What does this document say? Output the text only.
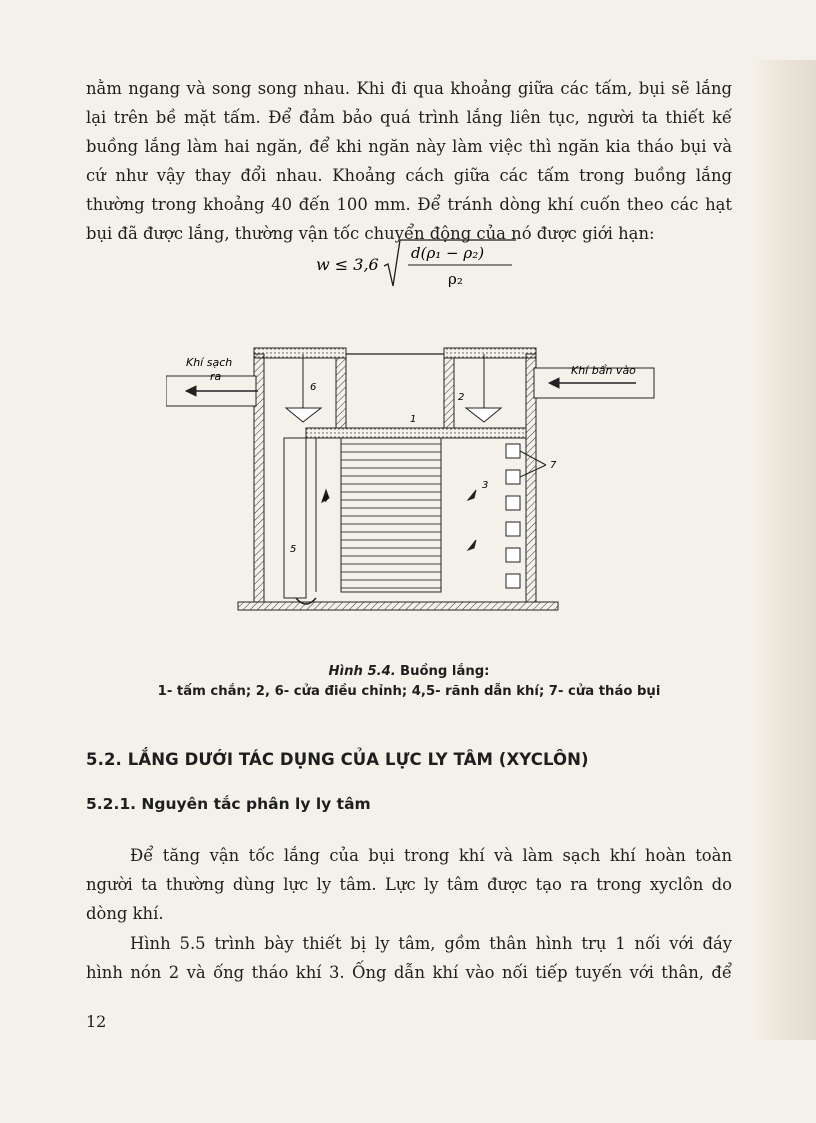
nằm ngang và song song nhau. Khi đi qua khoảng giữa các tấm, bụi sẽ lắng
lại trên bề mặt tấm. Để đảm bảo quá trình lắng liên tục, người ta thiết kế
buồng lắng làm hai ngăn, để khi ngăn này làm việc thì ngăn kia tháo bụi và
cứ như vậy thay đổi nhau. Khoảng cách giữa các tấm trong buồng lắng
thường trong khoảng 40 đến 100 mm. Để tránh dòng khí cuốn theo các hạt
bụi đã được lắng, thường vận tốc chuyển động của nó được giới hạn:
w ≤ 3,6
d(ρ₁ − ρ₂)
ρ₂
Khí sạch
ra	Khí bẩn vào
1
2
3
4
5
6
7
Hình 5.4. Buồng lắng:
1- tấm chắn; 2, 6- cửa điều chỉnh; 4,5- rãnh dẫn khí; 7- cửa tháo bụi
5.2. LẮNG DƯỚI TÁC DỤNG CỦA LỰC LY TÂM (XYCLÔN)
5.2.1. Nguyên tắc phân ly ly tâm
Để tăng vận tốc lắng của bụi trong khí và làm sạch khí hoàn toàn
người ta thường dùng lực ly tâm. Lực ly tâm được tạo ra trong xyclôn do
dòng khí.
Hình 5.5 trình bày thiết bị ly tâm, gồm thân hình trụ 1 nối với đáy
hình nón 2 và ống tháo khí 3. Ống dẫn khí vào nối tiếp tuyến với thân, để
12
